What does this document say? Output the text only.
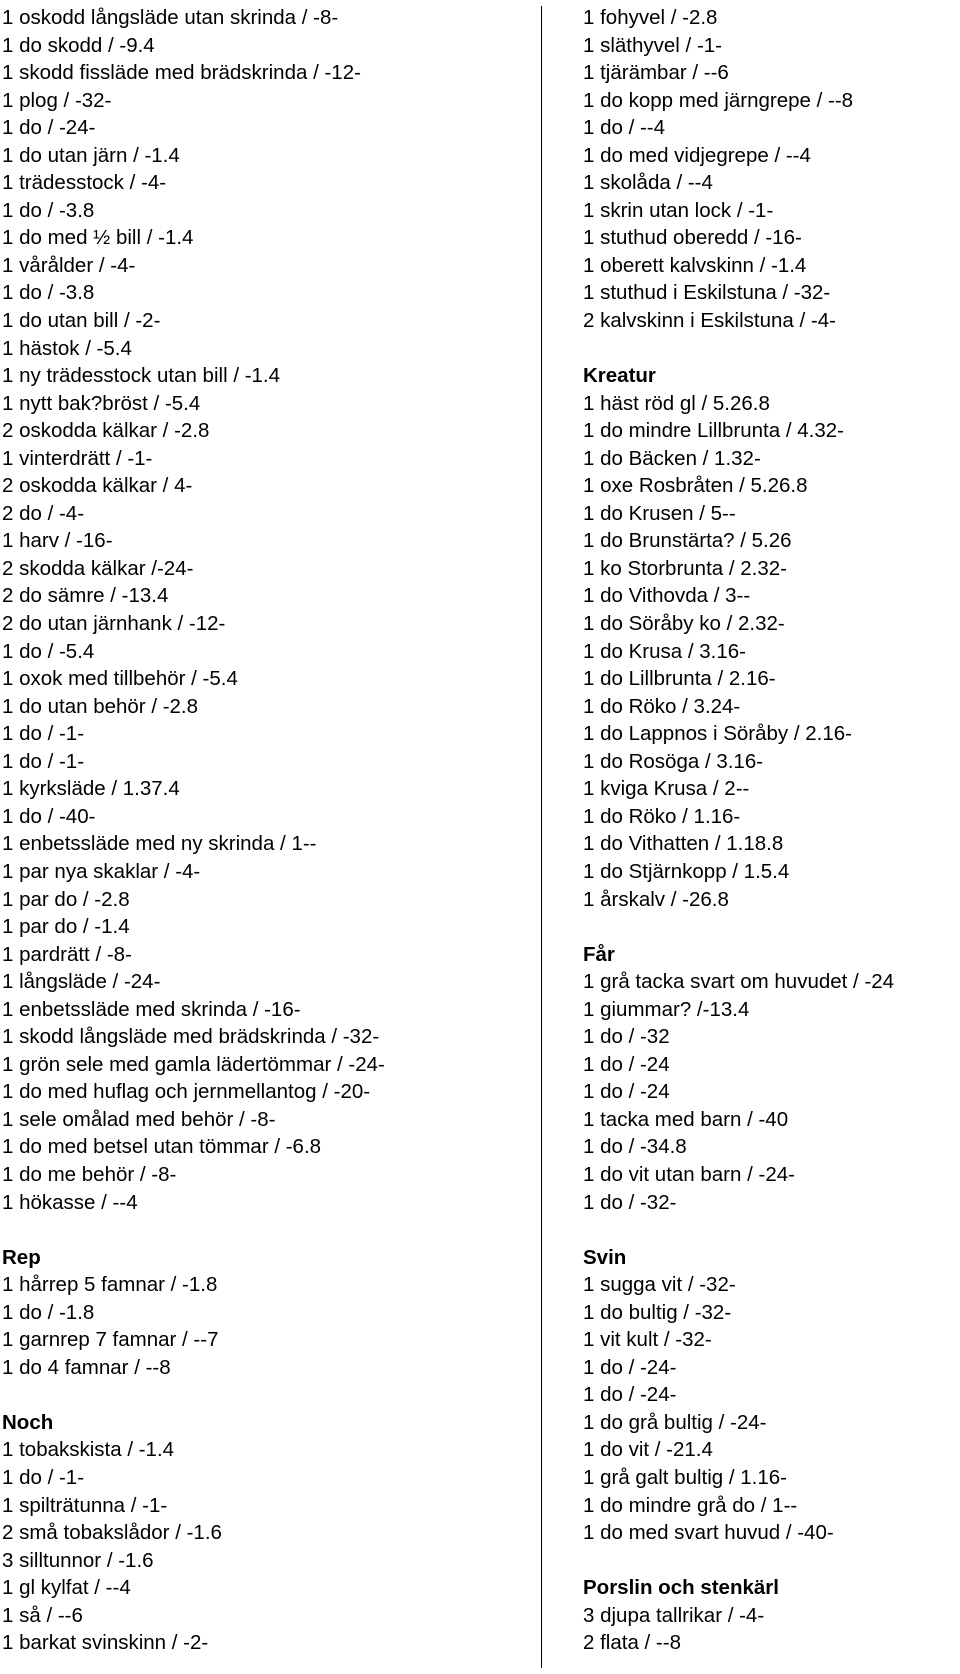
1 oskodd långsläde utan skrinda / -8-
1 do skodd / -9.4
1 skodd fissläde med brädskrinda / -12-
1 plog / -32-
1 do / -24-
1 do utan järn / -1.4
1 trädesstock / -4-
1 do / -3.8
1 do med ½ bill / -1.4
1 vårålder / -4-
1 do / -3.8
1 do utan bill / -2-
1 hästok / -5.4
1 ny trädesstock utan bill / -1.4
1 nytt bak?bröst / -5.4
2 oskodda kälkar / -2.8
1 vinterdrätt / -1-
2 oskodda kälkar / 4-
2 do / -4-
1 harv / -16-
2 skodda kälkar /-24-
2 do sämre / -13.4
2 do utan järnhank / -12-
1 do / -5.4
1 oxok med tillbehör / -5.4
1 do utan behör / -2.8
1 do / -1-
1 do / -1-
1 kyrksläde / 1.37.4
1 do / -40-
1 enbetssläde med ny skrinda / 1--
1 par nya skaklar / -4-
1 par do / -2.8
1 par do / -1.4
1 pardrätt / -8-
1 långsläde / -24-
1 enbetssläde med skrinda / -16-
1 skodd långsläde med brädskrinda / -32-
1 grön sele med gamla lädertömmar / -24-
1 do med huflag och jernmellantog / -20-
1 sele omålad med behör / -8-
1 do med betsel utan tömmar / -6.8
1 do me behör / -8-
1 hökasse / --4
Rep
1 hårrep 5 famnar / -1.8
1 do / -1.8
1 garnrep 7 famnar / --7
1 do 4 famnar / --8
Noch
1 tobakskista / -1.4
1 do / -1-
1 spilträtunna / -1-
2 små tobakslådor / -1.6
3 silltunnor / -1.6
1 gl kylfat / --4
1 så / --6
1 barkat svinskinn / -2-
1 fohyvel / -2.8
1 släthyvel / -1-
1 tjärämbar / --6
1 do kopp med järngrepe / --8
1 do / --4
1 do med vidjegrepe / --4
1 skolåda / --4
1 skrin utan lock / -1-
1 stuthud oberedd / -16-
1 oberett kalvskinn / -1.4
1 stuthud i Eskilstuna / -32-
2 kalvskinn i Eskilstuna / -4-
Kreatur
1 häst röd gl / 5.26.8
1 do mindre Lillbrunta / 4.32-
1 do Bäcken / 1.32-
1 oxe Rosbråten / 5.26.8
1 do Krusen / 5--
1 do Brunstärta? / 5.26
1 ko Storbrunta / 2.32-
1 do Vithovda / 3--
1 do Söråby ko / 2.32-
1 do Krusa / 3.16-
1 do Lillbrunta / 2.16-
1 do Röko / 3.24-
1 do Lappnos i Söråby / 2.16-
1 do Rosöga / 3.16-
1 kviga Krusa / 2--
1 do Röko / 1.16-
1 do Vithatten / 1.18.8
1 do Stjärnkopp / 1.5.4
1 årskalv / -26.8
Får
1 grå tacka svart om huvudet / -24
1 giummar? /-13.4
1 do / -32
1 do / -24
1 do / -24
1 tacka med barn / -40
1 do / -34.8
1 do vit utan barn / -24-
1 do / -32-
Svin
1 sugga vit / -32-
1 do bultig / -32-
1 vit kult / -32-
1 do / -24-
1 do / -24-
1 do grå bultig / -24-
1 do vit / -21.4
1 grå galt bultig / 1.16-
1 do mindre grå do / 1--
1 do med svart huvud / -40-
Porslin och stenkärl
3 djupa tallrikar / -4-
2 flata / --8
